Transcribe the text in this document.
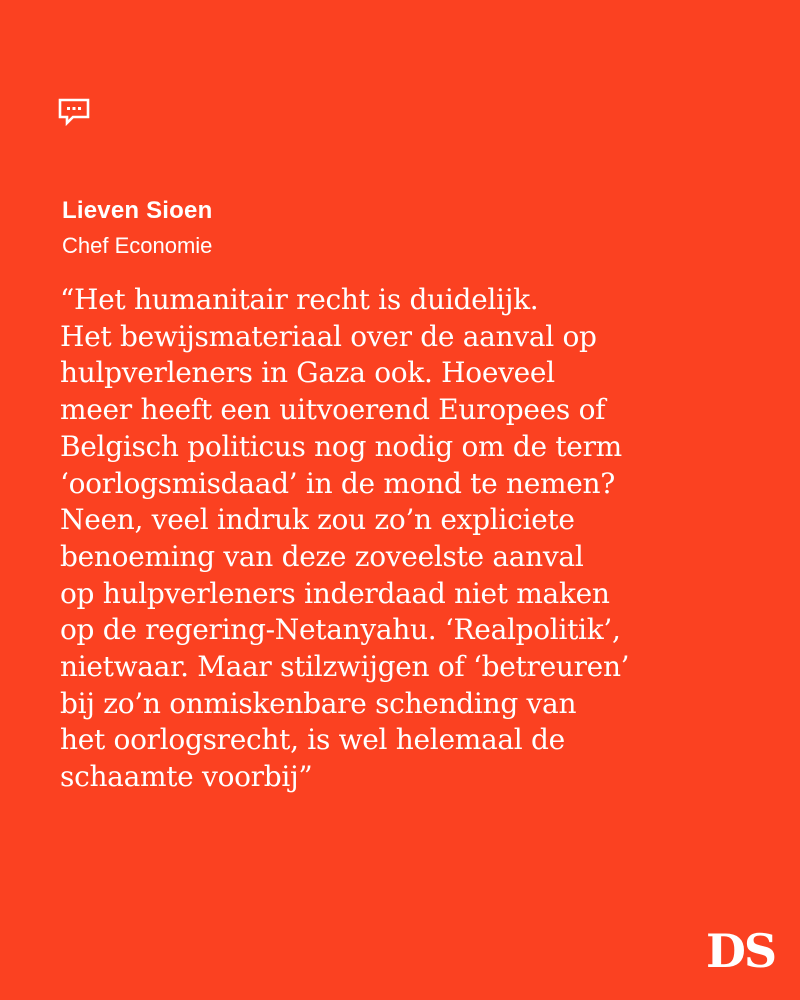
Lieven Sioen
Chef Economie

“Het humanitair recht is duidelijk.
Het bewijsmateriaal over de aanval op
hulpverleners in Gaza ook. Hoeveel
meer heeft een uitvoerend Europees of
Belgisch politicus nog nodig om de term
‘oorlogsmisdaad’ in de mond te nemen?
Neen, veel indruk zou zo’n expliciete
benoeming van deze zoveelste aanval
op hulpverleners inderdaad niet maken
op de regering-Netanyahu. ‘Realpolitik’,
nietwaar. Maar stilzwijgen of ‘betreuren’
bij zo’n onmiskenbare schending van
het oorlogsrecht, is wel helemaal de
schaamte voorbij”

DS
